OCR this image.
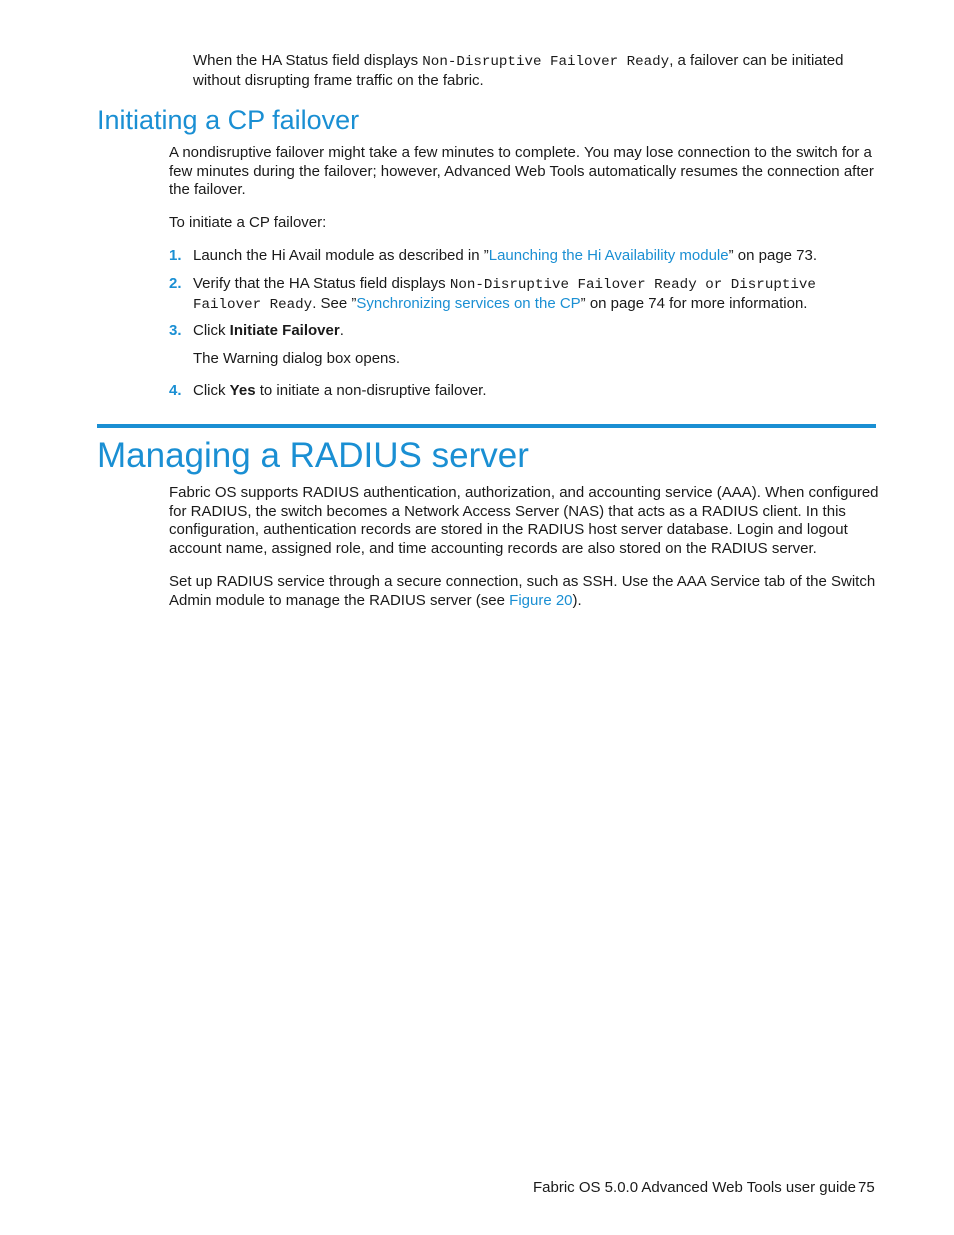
When the HA Status field displays Non-Disruptive Failover Ready, a failover can be initiated without disrupting frame traffic on the fabric.

Initiating a CP failover

A nondisruptive failover might take a few minutes to complete. You may lose connection to the switch for a few minutes during the failover; however, Advanced Web Tools automatically resumes the connection after the failover.

To initiate a CP failover:

1. Launch the Hi Avail module as described in ”Launching the Hi Availability module” on page 73.

2. Verify that the HA Status field displays Non-Disruptive Failover Ready or Disruptive
Failover Ready. See ”Synchronizing services on the CP” on page 74 for more information.

3. Click Initiate Failover.

The Warning dialog box opens.

4. Click Yes to initiate a non-disruptive failover.

Managing a RADIUS server

Fabric OS supports RADIUS authentication, authorization, and accounting service (AAA). When configured for RADIUS, the switch becomes a Network Access Server (NAS) that acts as a RADIUS client. In this configuration, authentication records are stored in the RADIUS host server database. Login and logout account name, assigned role, and time accounting records are also stored on the RADIUS server.

Set up RADIUS service through a secure connection, such as SSH. Use the AAA Service tab of the Switch Admin module to manage the RADIUS server (see Figure 20).

Fabric OS 5.0.0 Advanced Web Tools user guide 75
